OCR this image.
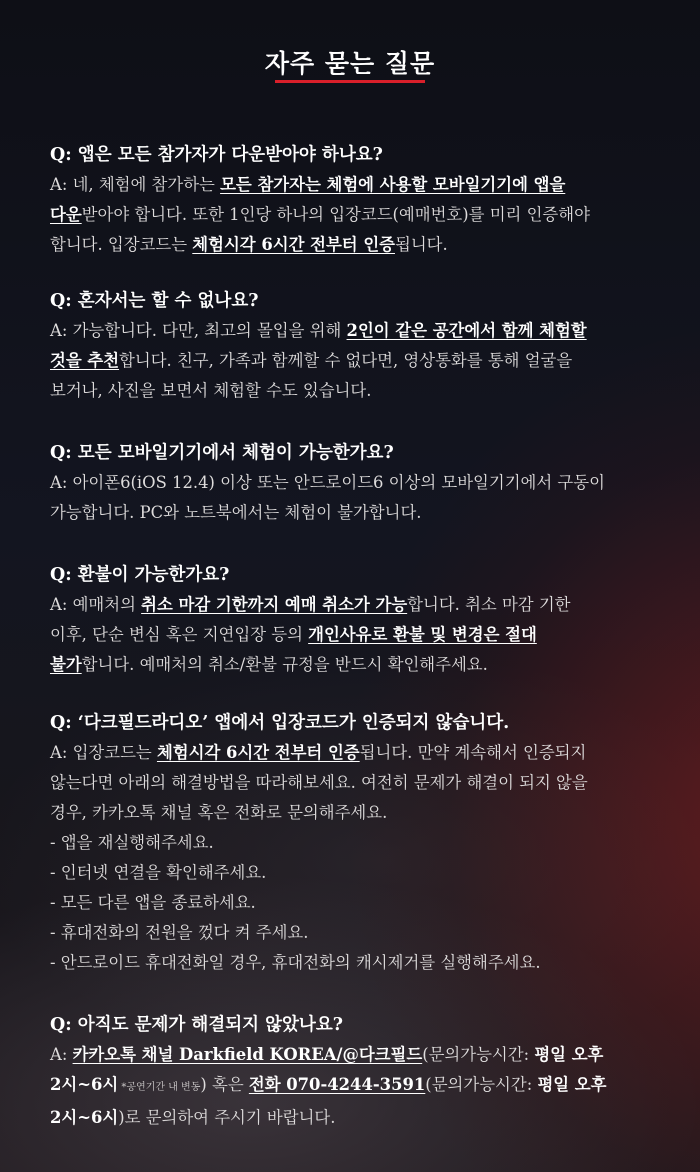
자주 묻는 질문
Q: 앱은 모든 참가자가 다운받아야 하나요?
A: 네, 체험에 참가하는 모든 참가자는 체험에 사용할 모바일기기에 앱을
다운받아야 합니다. 또한 1인당 하나의 입장코드(예매번호)를 미리 인증해야
합니다. 입장코드는 체험시각 6시간 전부터 인증됩니다.
Q: 혼자서는 할 수 없나요?
A: 가능합니다. 다만, 최고의 몰입을 위해 2인이 같은 공간에서 함께 체험할
것을 추천합니다. 친구, 가족과 함께할 수 없다면, 영상통화를 통해 얼굴을
보거나, 사진을 보면서 체험할 수도 있습니다.
Q: 모든 모바일기기에서 체험이 가능한가요?
A: 아이폰6(iOS 12.4) 이상 또는 안드로이드6 이상의 모바일기기에서 구동이
가능합니다. PC와 노트북에서는 체험이 불가합니다.
Q: 환불이 가능한가요?
A: 예매처의 취소 마감 기한까지 예매 취소가 가능합니다. 취소 마감 기한
이후, 단순 변심 혹은 지연입장 등의 개인사유로 환불 및 변경은 절대
불가합니다. 예매처의 취소/환불 규정을 반드시 확인해주세요.
Q: ‘다크필드라디오’ 앱에서 입장코드가 인증되지 않습니다.
A: 입장코드는 체험시각 6시간 전부터 인증됩니다. 만약 계속해서 인증되지
않는다면 아래의 해결방법을 따라해보세요. 여전히 문제가 해결이 되지 않을
경우, 카카오톡 채널 혹은 전화로 문의해주세요.
- 앱을 재실행해주세요.
- 인터넷 연결을 확인해주세요.
- 모든 다른 앱을 종료하세요.
- 휴대전화의 전원을 껐다 켜 주세요.
- 안드로이드 휴대전화일 경우, 휴대전화의 캐시제거를 실행해주세요.
Q: 아직도 문제가 해결되지 않았나요?
A: 카카오톡 채널 Darkfield KOREA/@다크필드(문의가능시간: 평일 오후
2시~6시 *공연기간 내 변동) 혹은 전화 070-4244-3591(문의가능시간: 평일 오후
2시~6시)로 문의하여 주시기 바랍니다.
